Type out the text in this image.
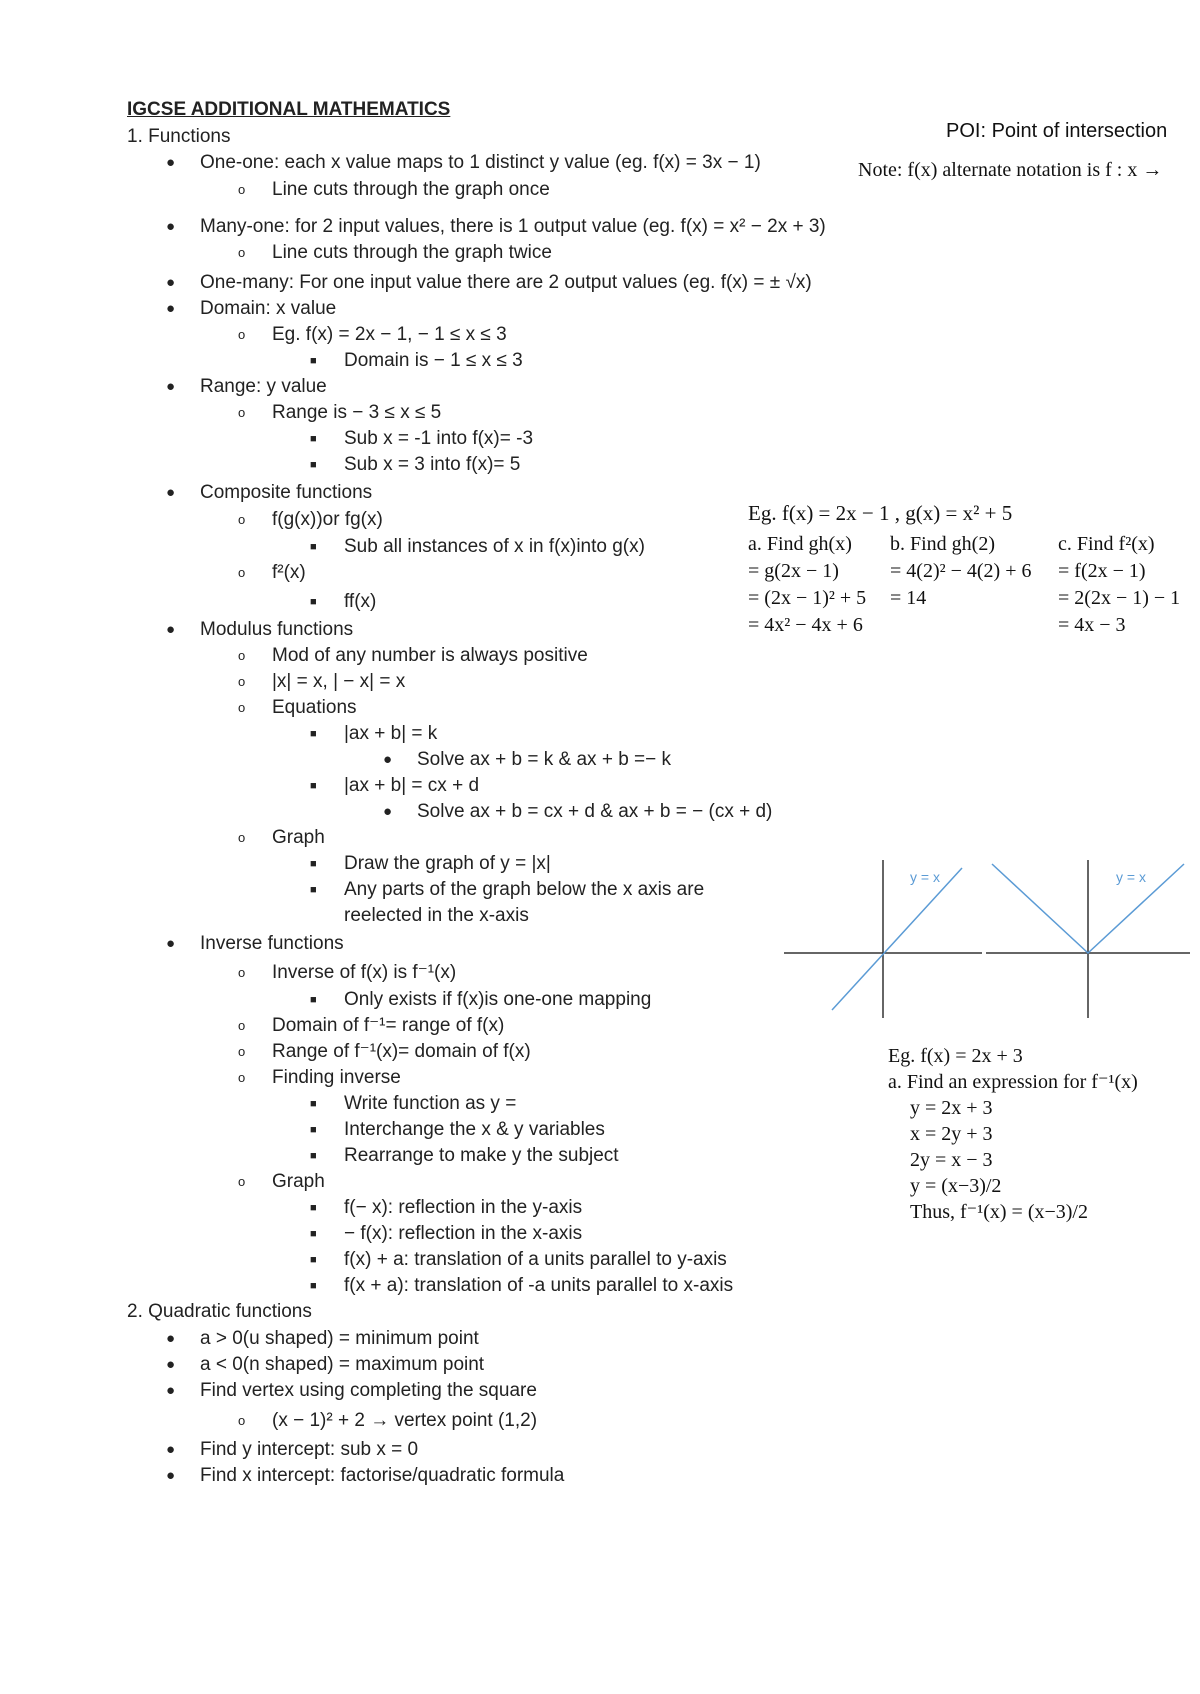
IGCSE ADDITIONAL MATHEMATICS
1. Functions
● One-one: each x value maps to 1 distinct y value (eg. f(x) = 3x − 1)
o Line cuts through the graph once
● Many-one: for 2 input values, there is 1 output value (eg. f(x) = x² − 2x + 3)
o Line cuts through the graph twice
● One-many: For one input value there are 2 output values (eg. f(x) = ± √x)
● Domain: x value
o Eg. f(x) = 2x − 1, − 1 ≤ x ≤ 3
■ Domain is − 1 ≤ x ≤ 3
● Range: y value
o Range is − 3 ≤ x ≤ 5
■ Sub x = -1 into f(x)= -3
■ Sub x = 3 into f(x)= 5
● Composite functions
o f(g(x))or fg(x)
■ Sub all instances of x in f(x)into g(x)
o f²(x)
■ ff(x)
● Modulus functions
o Mod of any number is always positive
o |x| = x, | − x| = x
o Equations
■ |ax + b| = k
● Solve ax + b = k & ax + b =− k
■ |ax + b| = cx + d
● Solve ax + b = cx + d & ax + b = − (cx + d)
o Graph
■ Draw the graph of y = |x|
■ Any parts of the graph below the x axis are
reelected in the x-axis
● Inverse functions
o Inverse of f(x) is f⁻¹(x)
■ Only exists if f(x)is one-one mapping
o Domain of f⁻¹= range of f(x)
o Range of f⁻¹(x)= domain of f(x)
o Finding inverse
■ Write function as y =
■ Interchange the x & y variables
■ Rearrange to make y the subject
o Graph
■ f(− x): reflection in the y-axis
■ − f(x): reflection in the x-axis
■ f(x) + a: translation of a units parallel to y-axis
■ f(x + a): translation of -a units parallel to x-axis
2. Quadratic functions
● a > 0(u shaped) = minimum point
● a < 0(n shaped) = maximum point
● Find vertex using completing the square
o (x − 1)² + 2 → vertex point (1,2)
● Find y intercept: sub x = 0
● Find x intercept: factorise/quadratic formula
POI: Point of intersection
Note: f(x) alternate notation is f : x →
Eg. f(x) = 2x − 1 , g(x) = x² + 5
a. Find gh(x)
= g(2x − 1)
= (2x − 1)² + 5
= 4x² − 4x + 6
b. Find gh(2)
= 4(2)² − 4(2) + 6
= 14
c. Find f²(x)
= f(2x − 1)
= 2(2x − 1) − 1
= 4x − 3
y = x	y = x
Eg. f(x) = 2x + 3
a. Find an expression for f⁻¹(x)
y = 2x + 3
x = 2y + 3
2y = x − 3
y = (x−3)/2
Thus, f⁻¹(x) = (x−3)/2
